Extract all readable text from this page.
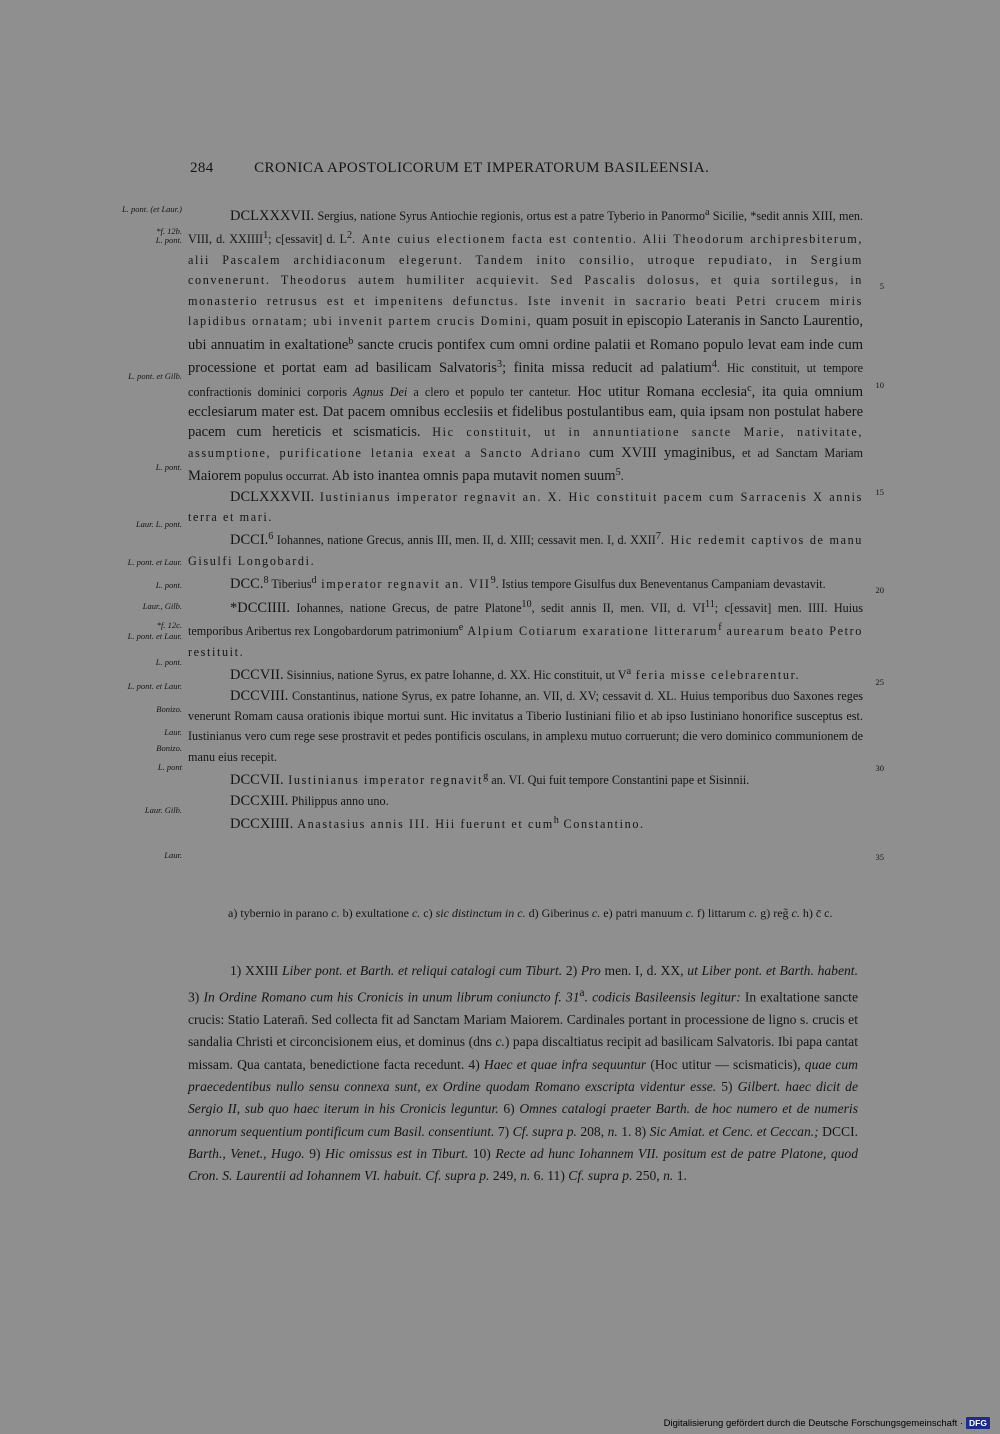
284	CRONICA APOSTOLICORUM ET IMPERATORUM BASILEENSIA.
L. pont. (et Laur.)
*f. 12b.
L. pont.
L. pont. et Gilb.
L. pont.
Laur. L. pont.
L. pont. et Laur.
L. pont.
Laur., Gilb.
*f. 12c.
L. pont. et Laur.
L. pont.
L. pont. et Laur.
Bonizo.
Laur.
Bonizo.
L. pont
Laur. Gilb.
Laur.
5
10
15
20
25
30
35

DCLXXXVII. Sergius, natione Syrus Antiochie regionis, ortus est a patre Tyberio in Panormo$^a$ Sicilie, *sedit annis XIII, men. VIII, d. XXIIII$^1$; c[essavit] d. $L^2$. Ante cuius electionem facta est contentio. Alii Theodorum archipresbiterum, alii Pascalem archidiaconum elegerunt. Tandem inito consilio, utroque repudiato, in Sergium convenerunt. Theodorus autem humiliter acquievit. Sed Pascalis dolosus, et quia sortilegus, in monasterio retrusus est et impenitens defunctus. Iste invenit in sacrario beati Petri crucem miris lapidibus ornatam; ubi invenit partem crucis Domini, quam posuit in episcopio Lateranis in Sancto Laurentio, ubi annuatim in exaltatione$^b$ sancte crucis pontifex cum omni ordine palatii et Romano populo levat eam inde cum processione et portat eam ad basilicam Salvatoris$^3$; finita missa reducit ad palatium$^4$. Hic constituit, ut tempore confractionis dominici corporis Agnus Dei a clero et populo ter cantetur. Hoc utitur Romana ecclesia$^c$, ita quia omnium ecclesiarum mater est. Dat pacem omnibus ecclesiis et fidelibus postulantibus eam, quia ipsam non postulat habere pacem cum hereticis et scismaticis. Hic constituit, ut in annuntiatione sancte Marie, nativitate, assumptione, purificatione letania exeat a Sancto Adriano cum XVIII ymaginibus, et ad Sanctam Mariam Maiorem populus occurrat. Ab isto inantea omnis papa mutavit nomen suum$^5$.

DCLXXXVII. Iustinianus imperator regnavit an. X. Hic constituit pacem cum Sarracenis X annis terra et mari.

DCCI.$^6$ Iohannes, natione Grecus, annis III, men. II, d. XIII; cessavit men. I, d. XXII$^7$. Hic redemit captivos de manu Gisulfi Longobardi.

DCC.$^8$ Tiberius$^d$ imperator regnavit an. VII$^9$. Istius tempore Gisulfus dux Beneventanus Campaniam devastavit.

*DCCIIII. Iohannes, natione Grecus, de patre Platone$^{10}$, sedit annis II, men. VII, d. VI$^{11}$; c[essavit] men. IIII. Huius temporibus Aribertus rex Longobardorum patrimonium$^e$ Alpium Cotiarum exaratione litterarum$^f$ aurearum beato Petro restituit.

DCCVII. Sisinnius, natione Syrus, ex patre Iohanne, d. XX. Hic constituit, ut $V^a$ feria misse celebrarentur.

DCCVIII. Constantinus, natione Syrus, ex patre Iohanne, an. VII, d. XV; cessavit d. XL. Huius temporibus duo Saxones reges venerunt Romam causa orationis ibique mortui sunt. Hic invitatus a Tiberio Iustiniani filio et ab ipso Iustiniano honorifice susceptus est. Iustinianus vero cum rege sese prostravit et pedes pontificis osculans, in amplexu mutuo corruerunt; die vero dominico communionem de manu eius recepit.

DCCVII. Iustinianus imperator regnavit$^g$ an. VI. Qui fuit tempore Constantini pape et Sisinnii.

DCCXIII. Philippus anno uno.

DCCXIIII. Anastasius annis III. Hii fuerunt et cum$^h$ Constantino.

a) tybernio in parano c. b) exultatione c. c) sic distinctum in c. d) Giberinus c. e) patri manuum c. f) littarum c. g) reg̃ c. h) c̄ c.

1) XXIII Liber pont. et Barth. et reliqui catalogi cum Tiburt. 2) Pro men. I, d. XX, ut Liber pont. et Barth. habent. 3) In Ordine Romano cum his Cronicis in unum librum coniuncto f. 31$^a$. codicis Basileensis legitur: In exaltatione sancte crucis: Statio Lateran̄. Sed collecta fit ad Sanctam Mariam Maiorem. Cardinales portant in processione de ligno s. crucis et sandalia Christi et circoncisionem eius, et dominus (dns c.) papa discaltiatus recipit ad basilicam Salvatoris. Ibi papa cantat missam. Qua cantata, benedictione facta recedunt. 4) Haec et quae infra sequuntur (Hoc utitur — scismaticis), quae cum praecedentibus nullo sensu connexa sunt, ex Ordine quodam Romano exscripta videntur esse. 5) Gilbert. haec dicit de Sergio II, sub quo haec iterum in his Cronicis leguntur. 6) Omnes catalogi praeter Barth. de hoc numero et de numeris annorum sequentium pontificum cum Basil. consentiunt. 7) Cf. supra p. 208, n. 1. 8) Sic Amiat. et Cenc. et Ceccan.; DCCI. Barth., Venet., Hugo. 9) Hic omissus est in Tiburt. 10) Recte ad hunc Iohannem VII. positum est de patre Platone, quod Cron. S. Laurentii ad Iohannem VI. habuit. Cf. supra p. 249, n. 6. 11) Cf. supra p. 250, n. 1.

Digitalisierung gefördert durch die Deutsche Forschungsgemeinschaft · DFG
